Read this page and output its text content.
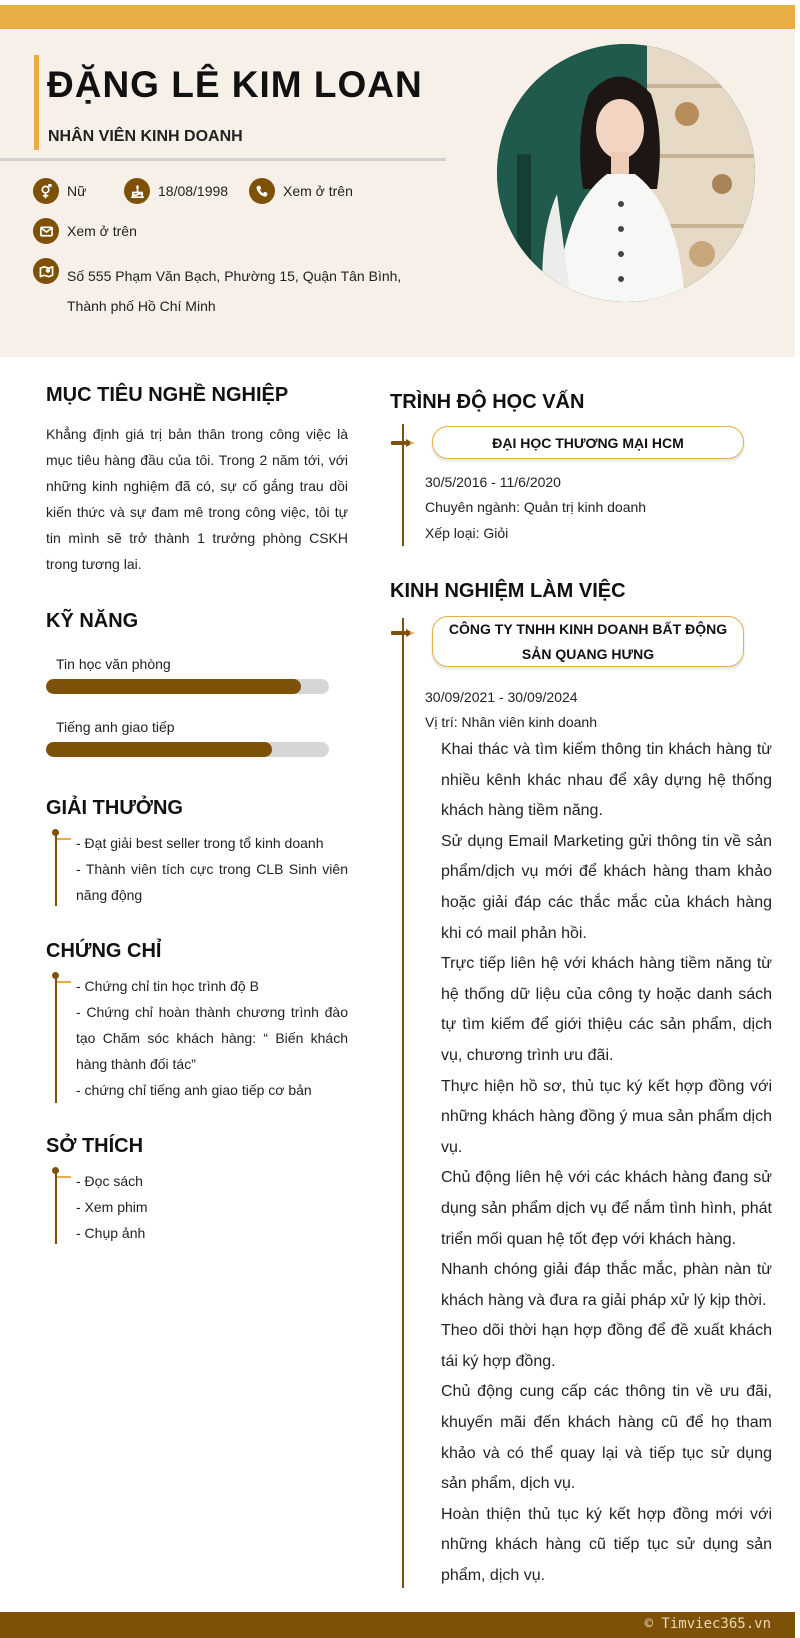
ĐẶNG LÊ KIM LOAN
NHÂN VIÊN KINH DOANH
Nữ	18/08/1998	Xem ở trên
Xem ở trên
Số 555 Phạm Văn Bạch, Phường 15, Quận Tân Bình, Thành phố Hồ Chí Minh
MỤC TIÊU NGHỀ NGHIỆP
Khẳng định giá trị bản thân trong công việc là mục tiêu hàng đầu của tôi. Trong 2 năm tới, với những kinh nghiệm đã có, sự cố gắng trau dồi kiến thức và sự đam mê trong công việc, tôi tự tin mình sẽ trở thành 1 trưởng phòng CSKH trong tương lai.
KỸ NĂNG
Tin học văn phòng
Tiếng anh giao tiếp
GIẢI THƯỞNG
- Đạt giải best seller trong tổ kinh doanh
- Thành viên tích cực trong CLB Sinh viên năng động
CHỨNG CHỈ
- Chứng chỉ tin học trình độ B
- Chứng chỉ hoàn thành chương trình đào tạo Chăm sóc khách hàng: “ Biến khách hàng thành đối tác”
- chứng chỉ tiếng anh giao tiếp cơ bản
SỞ THÍCH
- Đọc sách
- Xem phim
- Chụp ảnh
TRÌNH ĐỘ HỌC VẤN
ĐẠI HỌC THƯƠNG MẠI HCM
30/5/2016 - 11/6/2020
Chuyên ngành: Quản trị kinh doanh
Xếp loại: Giỏi
KINH NGHIỆM LÀM VIỆC
CÔNG TY TNHH KINH DOANH BẤT ĐỘNG SẢN QUANG HƯNG
30/09/2021 - 30/09/2024
Vị trí: Nhân viên kinh doanh

Khai thác và tìm kiếm thông tin khách hàng từ nhiều kênh khác nhau để xây dựng hệ thống khách hàng tiềm năng.

Sử dụng Email Marketing gửi thông tin về sản phẩm/dịch vụ mới để khách hàng tham khảo hoặc giải đáp các thắc mắc của khách hàng khi có mail phản hồi.

Trực tiếp liên hệ với khách hàng tiềm năng từ hệ thống dữ liệu của công ty hoặc danh sách tự tìm kiếm để giới thiệu các sản phẩm, dịch vụ, chương trình ưu đãi.

Thực hiện hồ sơ, thủ tục ký kết hợp đồng với những khách hàng đồng ý mua sản phẩm dịch vụ.

Chủ động liên hệ với các khách hàng đang sử dụng sản phẩm dịch vụ để nắm tình hình, phát triển mối quan hệ tốt đẹp với khách hàng.

Nhanh chóng giải đáp thắc mắc, phàn nàn từ khách hàng và đưa ra giải pháp xử lý kịp thời.

Theo dõi thời hạn hợp đồng để đề xuất khách tái ký hợp đồng.

Chủ động cung cấp các thông tin về ưu đãi, khuyến mãi đến khách hàng cũ để họ tham khảo và có thể quay lại và tiếp tục sử dụng sản phẩm, dịch vụ.

Hoàn thiện thủ tục ký kết hợp đồng mới với những khách hàng cũ tiếp tục sử dụng sản phẩm, dịch vụ.

© Timviec365.vn
